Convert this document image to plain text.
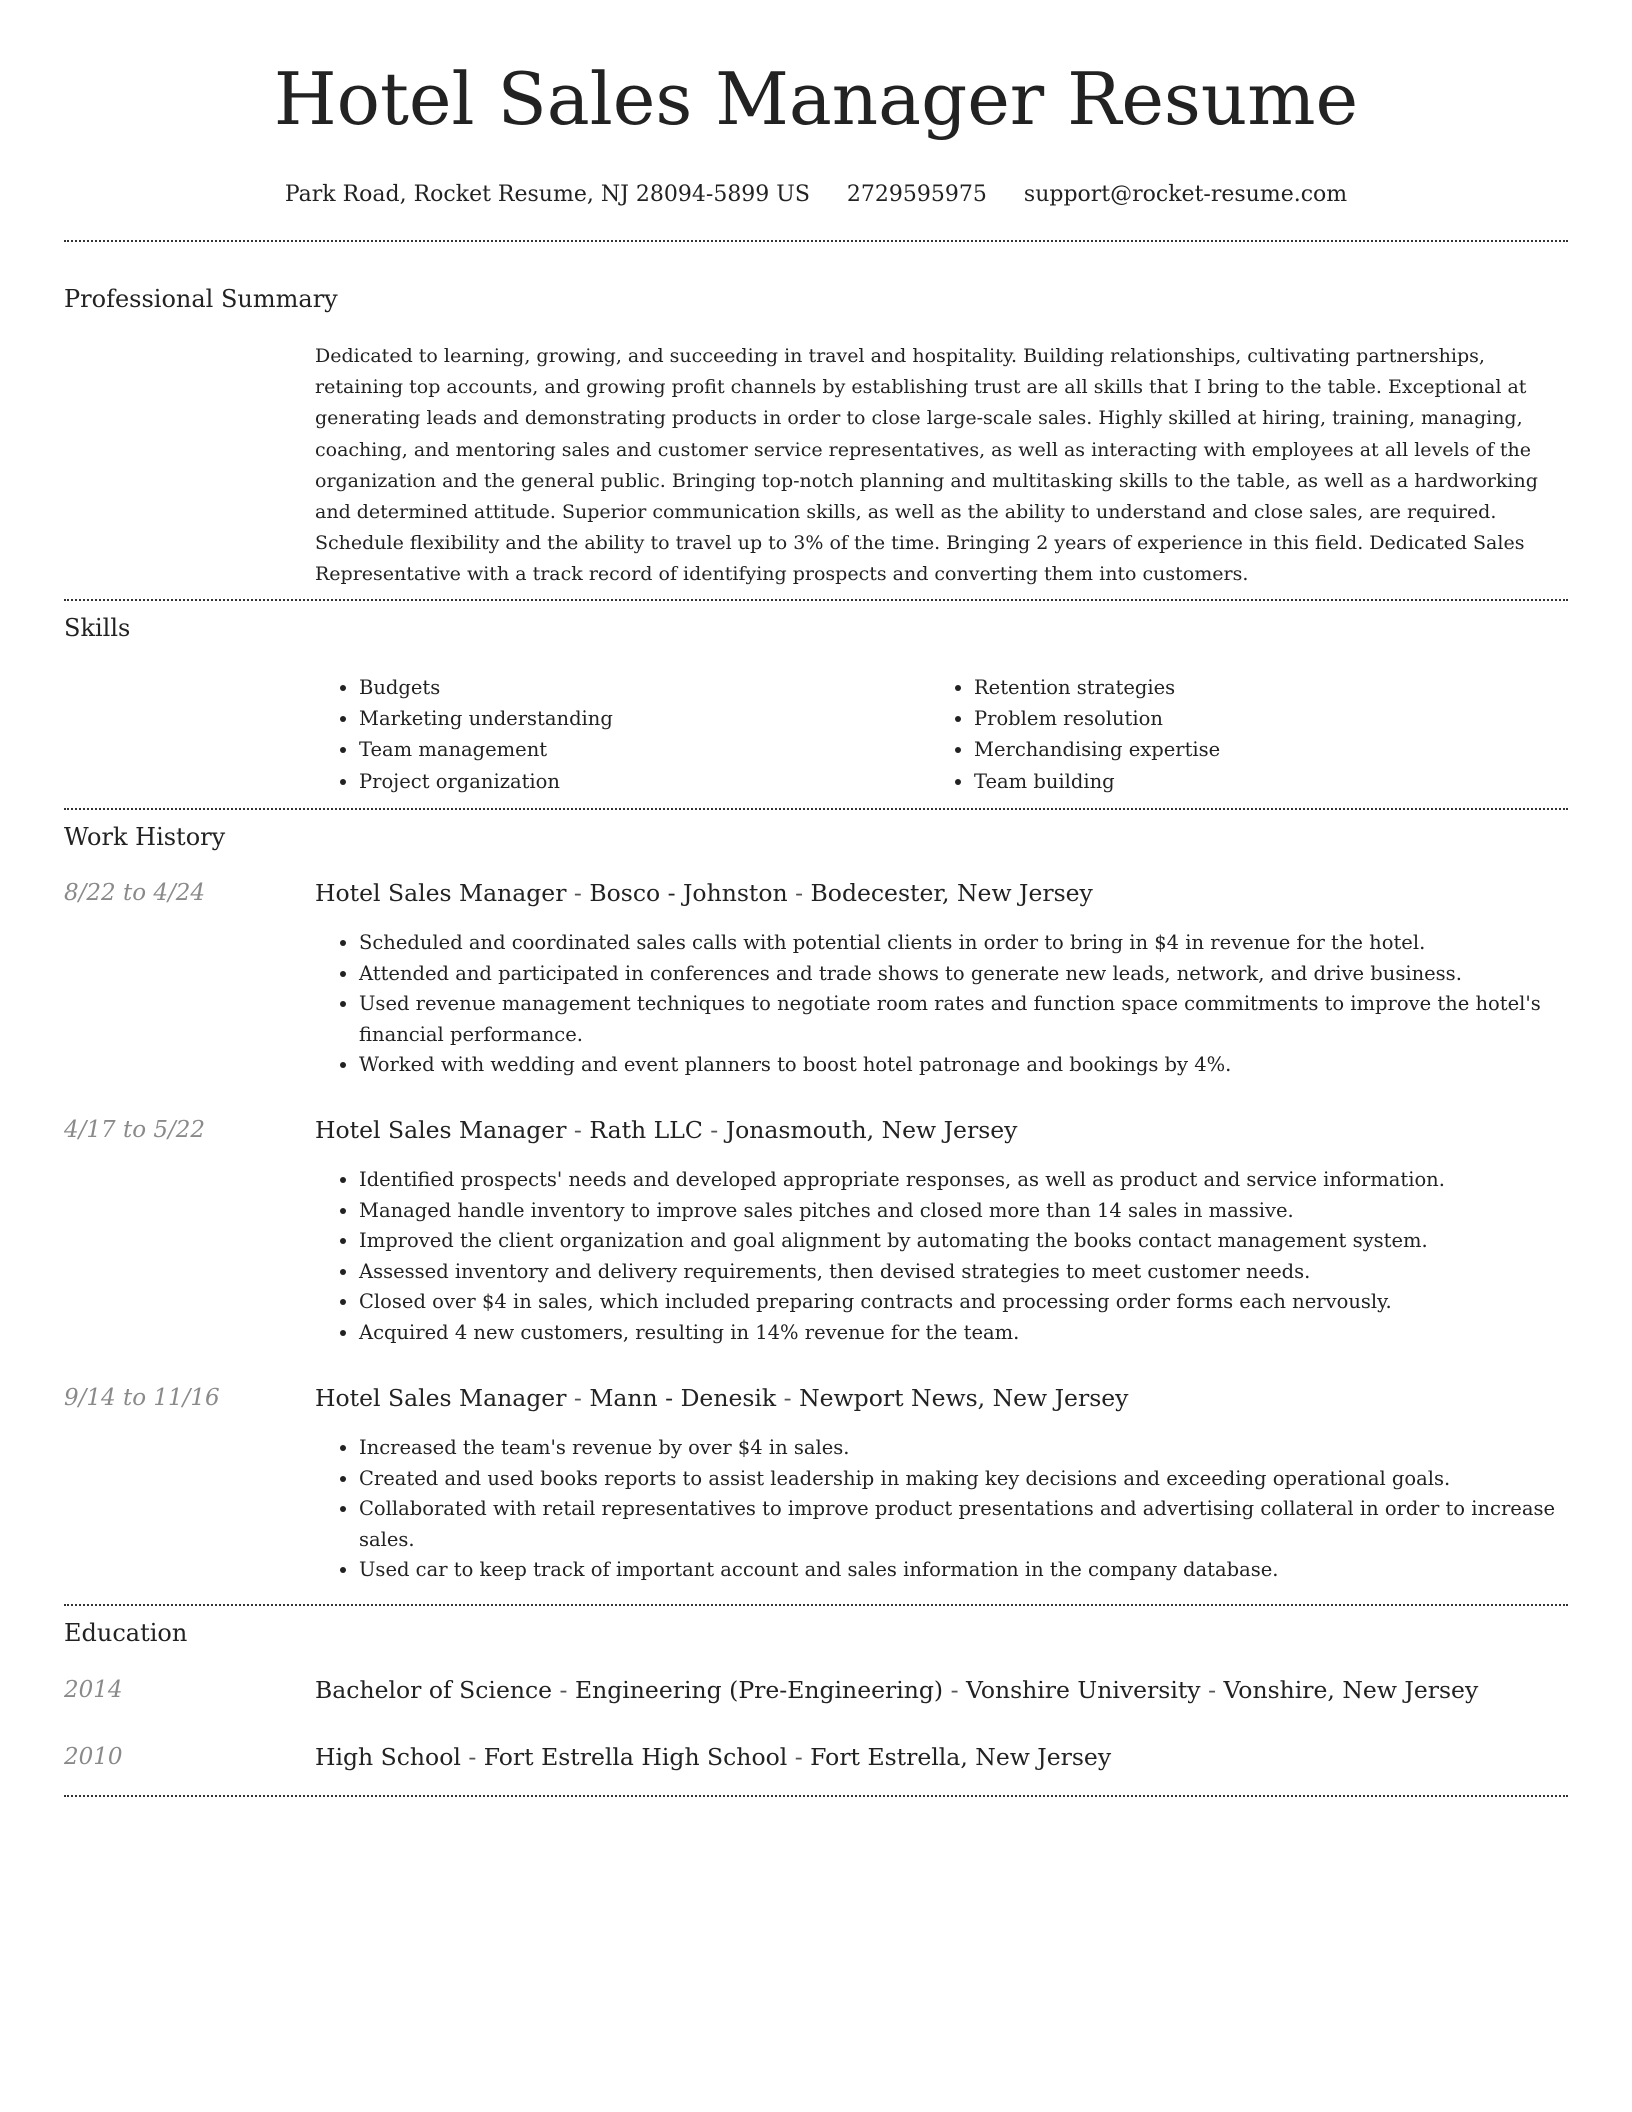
Hotel Sales Manager Resume
Park Road, Rocket Resume, NJ 28094-5899 US 2729595975 support@rocket-resume.com
Professional Summary
Dedicated to learning, growing, and succeeding in travel and hospitality. Building relationships, cultivating partnerships, retaining top accounts, and growing profit channels by establishing trust are all skills that I bring to the table. Exceptional at generating leads and demonstrating products in order to close large-scale sales. Highly skilled at hiring, training, managing, coaching, and mentoring sales and customer service representatives, as well as interacting with employees at all levels of the organization and the general public. Bringing top-notch planning and multitasking skills to the table, as well as a hardworking and determined attitude. Superior communication skills, as well as the ability to understand and close sales, are required. Schedule flexibility and the ability to travel up to 3% of the time. Bringing 2 years of experience in this field. Dedicated Sales Representative with a track record of identifying prospects and converting them into customers.
Skills
• Budgets
• Marketing understanding
• Team management
• Project organization
• Retention strategies
• Problem resolution
• Merchandising expertise
• Team building
Work History
8/22 to 4/24	Hotel Sales Manager - Bosco - Johnston - Bodecester, New Jersey
• Scheduled and coordinated sales calls with potential clients in order to bring in $4 in revenue for the hotel.
• Attended and participated in conferences and trade shows to generate new leads, network, and drive business.
• Used revenue management techniques to negotiate room rates and function space commitments to improve the hotel's financial performance.
• Worked with wedding and event planners to boost hotel patronage and bookings by 4%.
4/17 to 5/22	Hotel Sales Manager - Rath LLC - Jonasmouth, New Jersey
• Identified prospects' needs and developed appropriate responses, as well as product and service information.
• Managed handle inventory to improve sales pitches and closed more than 14 sales in massive.
• Improved the client organization and goal alignment by automating the books contact management system.
• Assessed inventory and delivery requirements, then devised strategies to meet customer needs.
• Closed over $4 in sales, which included preparing contracts and processing order forms each nervously.
• Acquired 4 new customers, resulting in 14% revenue for the team.
9/14 to 11/16	Hotel Sales Manager - Mann - Denesik - Newport News, New Jersey
• Increased the team's revenue by over $4 in sales.
• Created and used books reports to assist leadership in making key decisions and exceeding operational goals.
• Collaborated with retail representatives to improve product presentations and advertising collateral in order to increase sales.
• Used car to keep track of important account and sales information in the company database.
Education
2014	Bachelor of Science - Engineering (Pre-Engineering) - Vonshire University - Vonshire, New Jersey
2010	High School - Fort Estrella High School - Fort Estrella, New Jersey
